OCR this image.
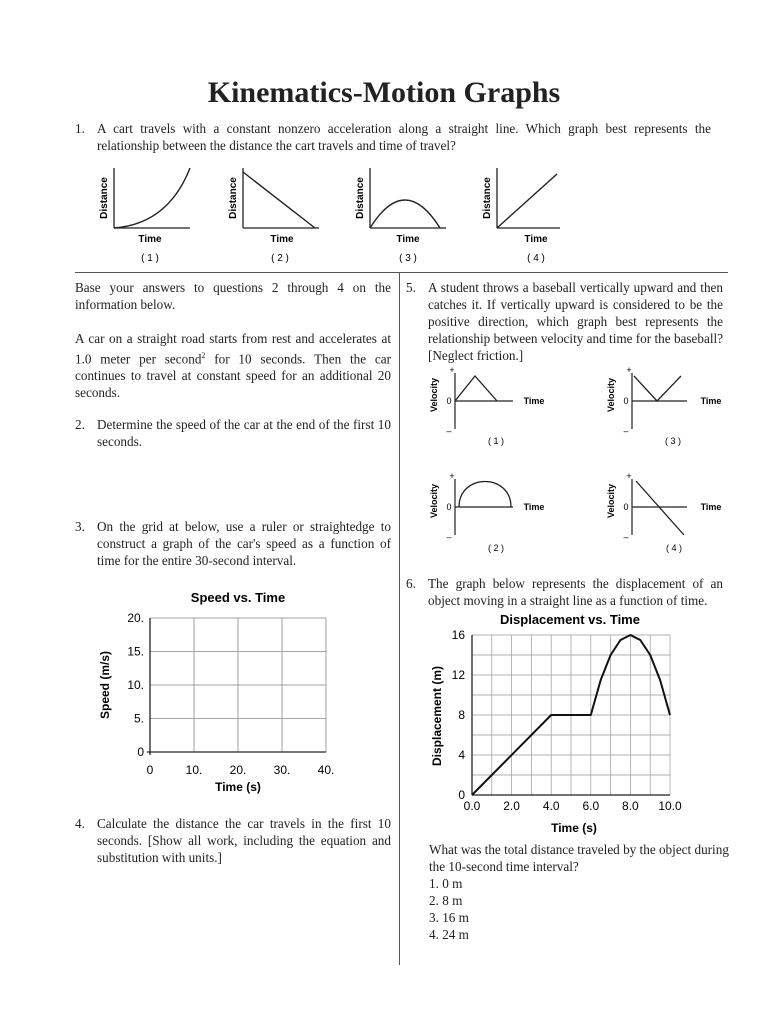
Kinematics-Motion Graphs
1. A cart travels with a constant nonzero acceleration along a straight line. Which graph best represents the relationship between the distance the cart travels and time of travel?
Distance
Time
( 1 )
Distance
Time
( 2 )
Distance
Time
( 3 )
Distance
Time
( 4 )
Base your answers to questions 2 through 4 on the information below.
A car on a straight road starts from rest and accelerates at 1.0 meter per second$^2$ for 10 seconds. Then the car continues to travel at constant speed for an additional 20 seconds.
2. Determine the speed of the car at the end of the first 10 seconds.
3. On the grid at below, use a ruler or straightedge to construct a graph of the car's speed as a function of time for the entire 30-second interval.
Speed vs. Time
0
5.
10.
15.
20.
0	10. 20. 30. 40.
Time (s)
Speed (m/s)
4. Calculate the distance the car travels in the first 10 seconds. [Show all work, including the equation and substitution with units.]
5. A student throws a baseball vertically upward and then catches it. If vertically upward is considered to be the positive direction, which graph best represents the relationship between velocity and time for the baseball? [Neglect friction.]
+
0
–
Velocity	Time
( 1 )
+
0
–
Velocity	Time
( 3 )
+
0
–
Velocity	Time
( 2 )
+
0
–
Velocity	Time
( 4 )
6. The graph below represents the displacement of an object moving in a straight line as a function of time.
Displacement vs. Time
0.0 2.0 4.0 6.0 8.0 10.0
0
4
8
12
16
Time (s)
Displacement (m)
What was the total distance traveled by the object during the 10-second time interval?
1. 0 m
2. 8 m
3. 16 m
4. 24 m
